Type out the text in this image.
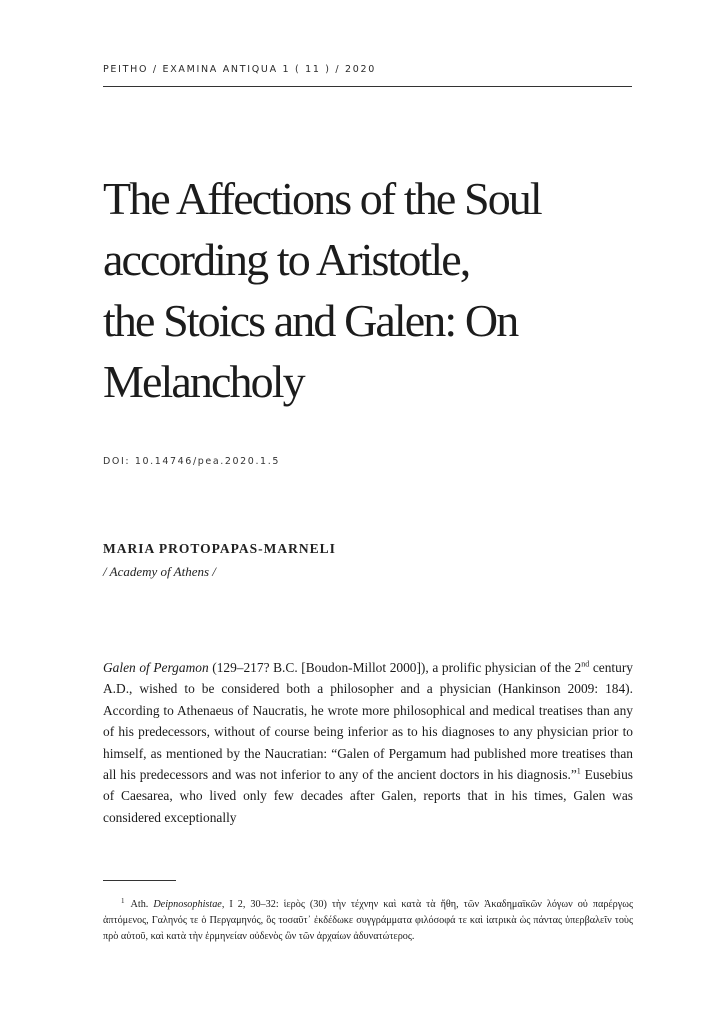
PEITHO / EXAMINA ANTIQUA 1 ( 11 ) / 2020
The Affections of the Soul
according to Aristotle,
the Stoics and Galen: On
Melancholy
DOI: 10.14746/pea.2020.1.5
MARIA PROTOPAPAS-MARNELI
/ Academy of Athens /

Galen of Pergamon (129–217? B.C. [Boudon-Millot 2000]), a prolific physician of the 2nd century A.D., wished to be considered both a philosopher and a physician (Hankinson 2009: 184). According to Athenaeus of Naucratis, he wrote more philosophical and medical treatises than any of his predecessors, without of course being inferior as to his diagnoses to any physician prior to himself, as mentioned by the Naucratian: “Galen of Pergamum had published more treatises than all his predecessors and was not inferior to any of the ancient doctors in his diagnosis.”$^1$ Eusebius of Caesarea, who lived only few decades after Galen, reports that in his times, Galen was considered exceptionally

$^1$ Ath. Deipnosophistae, I 2, 30–32: ἱερὸς (30) τὴν τέχνην καὶ κατὰ τὰ ἤθη, τῶν Ἀκαδημαϊκῶν λόγων οὐ παρέργως ἁπτόμενος, Γαληνός τε ὁ Περγαμηνός, ὃς τοσαῦτ᾽ ἐκδέδωκε συγγράμματα φιλόσοφά τε καὶ ἰατρικὰ ὡς πάντας ὑπερβαλεῖν τοὺς πρὸ αὐτοῦ, καὶ κατὰ τὴν ἑρμηνείαν οὐδενὸς ὢν τῶν ἀρχαίων ἀδυνατώτερος.
